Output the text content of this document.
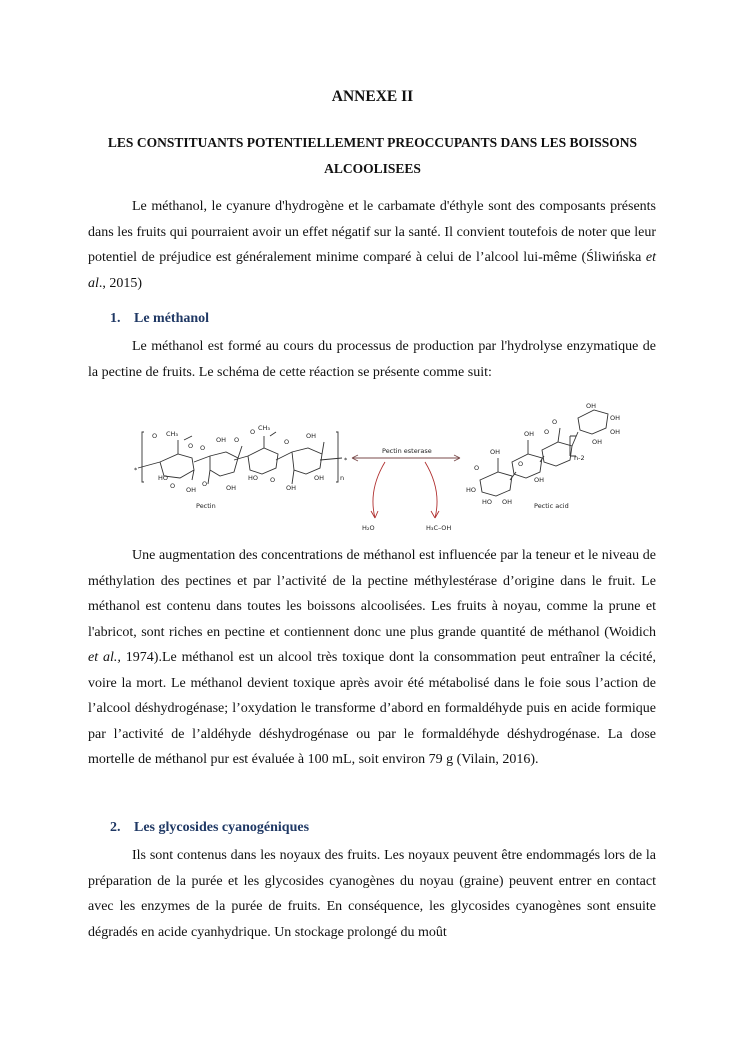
ANNEXE II
LES CONSTITUANTS POTENTIELLEMENT PREOCCUPANTS DANS LES BOISSONS ALCOOLISEES
Le méthanol, le cyanure d'hydrogène et le carbamate d'éthyle sont des composants présents dans les fruits qui pourraient avoir un effet négatif sur la santé. Il convient toutefois de noter que leur potentiel de préjudice est généralement minime comparé à celui de l’alcool lui-même (Śliwińska et al., 2015)
1. Le méthanol
Le méthanol est formé au cours du processus de production par l'hydrolyse enzymatique de la pectine de fruits. Le schéma de cette réaction se présente comme suit:
O CH₃
O O
OH O
O CH₃
O
OH
HO
O OH
O	OH
HO O
OH
OH
*
*
n
Pectin
Pectin esterase
H₂O	H₃C–OH
OH
OH
OH
OH
OH
O
O
OH
O	O
OH
HO
HO OH
n-2
Pectic acid
Une augmentation des concentrations de méthanol est influencée par la teneur et le niveau de méthylation des pectines et par l’activité de la pectine méthylestérase d’origine dans le fruit. Le méthanol est contenu dans toutes les boissons alcoolisées. Les fruits à noyau, comme la prune et l'abricot, sont riches en pectine et contiennent donc une plus grande quantité de méthanol (Woidich et al., 1974).Le méthanol est un alcool très toxique dont la consommation peut entraîner la cécité, voire la mort. Le méthanol devient toxique après avoir été métabolisé dans le foie sous l’action de l’alcool déshydrogénase; l’oxydation le transforme d’abord en formaldéhyde puis en acide formique par l’activité de l’aldéhyde déshydrogénase ou par le formaldéhyde déshydrogénase. La dose mortelle de méthanol pur est évaluée à 100 mL, soit environ 79 g (Vilain, 2016).
2. Les glycosides cyanogéniques
Ils sont contenus dans les noyaux des fruits. Les noyaux peuvent être endommagés lors de la préparation de la purée et les glycosides cyanogènes du noyau (graine) peuvent entrer en contact avec les enzymes de la purée de fruits. En conséquence, les glycosides cyanogènes sont ensuite dégradés en acide cyanhydrique. Un stockage prolongé du moût
